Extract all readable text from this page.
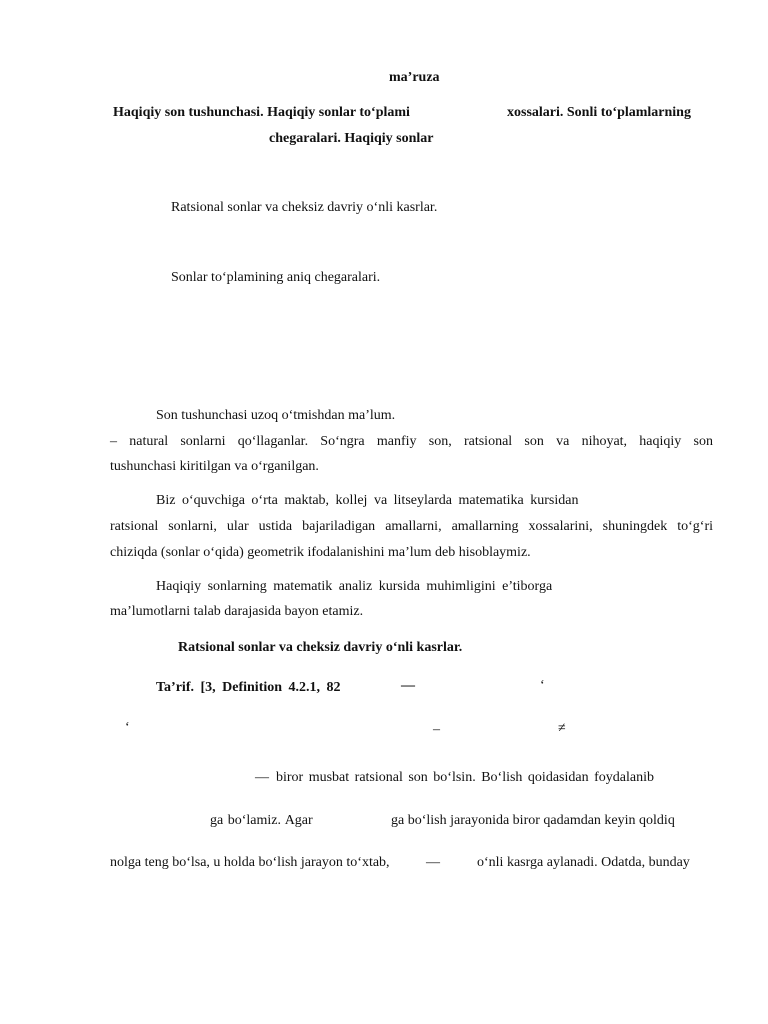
ma’ruza
Haqiqiy son tushunchasi. Haqiqiy sonlar to‘plami	xossalari. Sonli to‘plamlarning
chegaralari. Haqiqiy sonlar
Ratsional sonlar va cheksiz davriy o‘nli kasrlar.
Sonlar to‘plamining aniq chegaralari.
Son tushunchasi uzoq o‘tmishdan ma’lum.
– natural sonlarni qo‘llaganlar. So‘ngra manfiy son, ratsional son va nihoyat, haqiqiy son
tushunchasi kiritilgan va o‘rganilgan.
Biz o‘quvchiga o‘rta maktab, kollej va litseylarda matematika kursidan
ratsional sonlarni, ular ustida bajariladigan amallarni, amallarning xossalarini, shuningdek to‘g‘ri
chiziqda (sonlar o‘qida) geometrik ifodalanishini ma’lum deb hisoblaymiz.
Haqiqiy sonlarning matematik analiz kursida muhimligini e’tiborga
ma’lumotlarni talab darajasida bayon etamiz.
Ratsional sonlar va cheksiz davriy o‘nli kasrlar.
Ta’rif. [3, Definition 4.2.1, 82	—	‘
‘	–	≠
— biror musbat ratsional son bo‘lsin. Bo‘lish qoidasidan foydalanib
ga bo‘lamiz. Agar	ga bo‘lish jarayonida biror qadamdan keyin qoldiq
nolga teng bo‘lsa, u holda bo‘lish jarayon to‘xtab,	—	o‘nli kasrga aylanadi. Odatda, bunday
